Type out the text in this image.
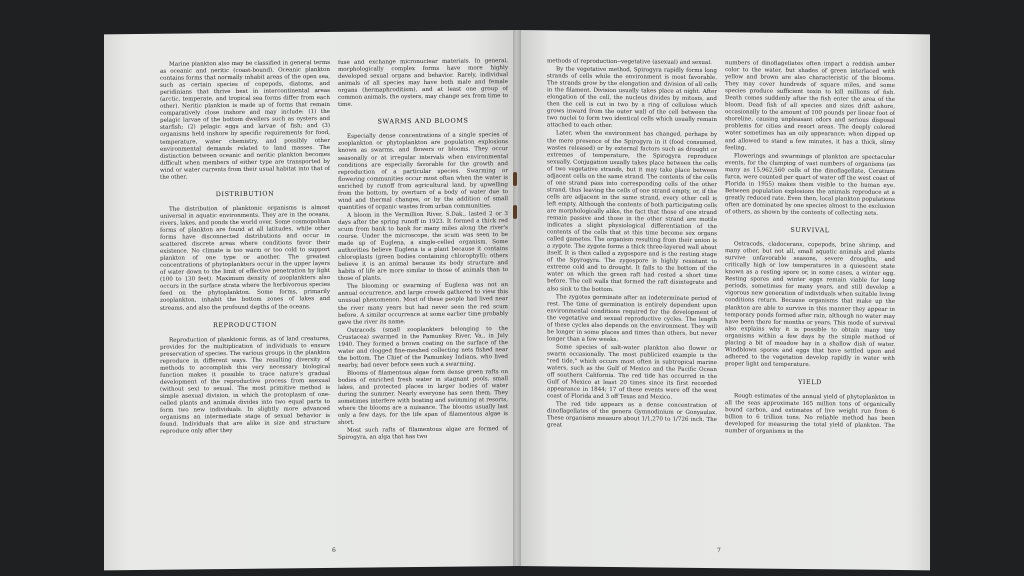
Marine plankton also may be classified in general terms as oceanic and neritic (coast-bound). Oceanic plankton contains forms that normally inhabit areas of the open sea, such as certain species of copepods, diatoms, and peridinians that thrive best in intercontinental areas (arctic, temperate, and tropical sea forms differ from each other). Neritic plankton is made up of forms that remain comparatively close inshore and may include: (1) the pelagic larvae of the bottom dwellers such as oysters and starfish; (2) pelagic eggs and larvae of fish; and (3) organisms held inshore by specific requirements for food, temperature, water chemistry, and possibly other environmental demands related to land masses. The distinction between oceanic and neritic plankton becomes difficult when members of either type are transported by wind or water currents from their usual habitat into that of the other.

DISTRIBUTION

The distribution of planktonic organisms is almost universal in aquatic environments. They are in the oceans, rivers, lakes, and ponds the world over. Some cosmopolitan forms of plankton are found at all latitudes, while other forms have disconnected distributions and occur in scattered discrete areas where conditions favor their existence. No climate is too warm or too cold to support plankton of one type or another. The greatest concentrations of phytoplankters occur in the upper layers of water down to the limit of effective penetration by light (100 to 130 feet). Maximum density of zooplankters also occurs in the surface strata where the herbivorous species feed on the phytoplankton. Some forms, primarily zooplankton, inhabit the bottom zones of lakes and streams, and also the profound depths of the oceans.

REPRODUCTION

Reproduction of planktonic forms, as of land creatures, provides for the multiplication of individuals to ensure preservation of species. The various groups in the plankton reproduce in different ways. The resulting diversity of methods to accomplish this very necessary biological function makes it possible to trace nature's gradual development of the reproductive process from asexual (without sex) to sexual. The most primitive method is simple asexual division, in which the protoplasm of one-celled plants and animals divides into two equal parts to form two new individuals. In slightly more advanced organisms an intermediate stage of sexual behavior is found. Individuals that are alike in size and structure reproduce only after they

fuse and exchange micronuclear materials. In general, morphologically complex forms have more highly developed sexual organs and behavior. Rarely, individual animals of all species may have both male and female organs (hermaphroditism), and at least one group of common animals, the oysters, may change sex from time to time.

SWARMS AND BLOOMS

Especially dense concentrations of a single species of zooplankton or phytoplankton are population explosions known as swarms, and flowers or blooms. They occur seasonally or at irregular intervals when environmental conditions are especially favorable for the growth and reproduction of a particular species. Swarming or flowering communities occur most often when the water is enriched by runoff from agricultural land, by upwelling from the bottom, by overturn of a body of water due to wind and thermal changes, or by the addition of small quantities of organic wastes from urban communities.

A bloom in the Vermillion River, S.Dak., lasted 2 or 3 days after the spring runoff in 1923. It formed a thick red scum from bank to bank for many miles along the river's course. Under the microscope, the scum was seen to be made up of Euglena, a single-celled organism. Some authorities believe Euglena is a plant because it contains chloroplasts (green bodies containing chlorophyll); others believe it is an animal because its body structure and habits of life are more similar to those of animals than to those of plants.

The blooming or swarming of Euglena was not an annual occurrence, and large crowds gathered to view this unusual phenomenon. Most of these people had lived near the river many years but had never seen the red scum before. A similar occurrence at some earlier time probably gave the river its name.

Ostracods (small zooplankters belonging to the Crustacea) swarmed in the Pamunkey River, Va., in July 1940. They formed a brown coating on the surface of the water and clogged fine-meshed collecting nets fished near the bottom. The Chief of the Pamunkey Indians, who lived nearby, had never before seen such a swarming.

Blooms of filamentous algae form dense green rafts on bodies of enriched fresh water in stagnant pools, small lakes, and protected places in larger bodies of water during the summer. Nearly everyone has seen them. They sometimes interfere with boating and swimming at resorts, where the blooms are a nuisance. The blooms usually last only a few days, for the life span of filamentous algae is short.

Most such rafts of filamentous algae are formed of Spirogyra, an alga that has two

6

methods of reproduction--vegetative (asexual) and sexual.

By the vegetative method, Spirogyra rapidly forms long strands of cells while the environment is most favorable. The strands grow by the elongation and division of all cells in the filament. Division usually takes place at night. After elongation of the cell, the nucleus divides by mitosis, and then the cell is cut in two by a ring of cellulose which grows inward from the outer wall of the cell between the two nuclei to form two identical cells which usually remain attached to each other.

Later, when the environment has changed, perhaps by the mere presence of the Spirogyra in it (food consumed, wastes released) or by external factors such as drought or extremes of temperature, the Spirogyra reproduce sexually. Conjugation usually takes place between the cells of two vegetative strands, but it may take place between adjacent cells on the same strand. The contents of the cells of one strand pass into corresponding cells of the other strand, thus leaving the cells of one strand empty, or, if the cells are adjacent in the same strand, every other cell is left empty. Although the contents of both participating cells are morphologically alike, the fact that those of one strand remain passive and those in the other strand are motile indicates a slight physiological differentiation of the contents of the cells that at this time become sex organs called gametes. The organism resulting from their union is a zygote. The zygote forms a thick three-layered wall about itself. It is then called a zygospore and is the resting stage of the Spyrogyra. The zygospore is highly resistant to extreme cold and to drought. It falls to the bottom of the water on which the green raft had rested a short time before. The cell walls that formed the raft disintegrate and also sink to the bottom.

The zygotes germinate after an indeterminate period of rest. The time of germination is entirely dependent upon environmental conditions required for the development of the vegetative and sexual reproductive cycles. The length of these cycles also depends on the environment. They will be longer in some places and times than others, but never longer than a few weeks.

Some species of salt-water plankton also flower or swarm occasionally. The most publicized example is the "red tide," which occurs most often in subtropical marine waters, such as the Gulf of Mexico and the Pacific Ocean off southern California. The red tide has occurred in the Gulf of Mexico at least 20 times since its first recorded appearance in 1844; 17 of these events were off the west coast of Florida and 3 off Texas and Mexico.

The red tide appears as a dense concentration of dinoflagellates of the genera Gymnodinium or Gonyaulax. These organisms measure about 1/1,270 to 1/726 inch. The great

numbers of dinoflagellates often impart a reddish amber color to the water, but shades of green interlaced with yellow and brown are also characteristic of the blooms. They may cover hundreds of square miles, and some species produce sufficient toxin to kill millions of fish. Death comes suddenly after the fish enter the area of the bloom. Dead fish of all species and sizes drift ashore, occasionally to the amount of 100 pounds per linear foot of shoreline, causing unpleasant odors and serious disposal problems for cities and resort areas. The deeply colored water sometimes has an oily appearance; when dipped up and allowed to stand a few minutes, it has a thick, slimy feeling.

Flowerings and swarmings of plankton are spectacular events, for the clumping of vast numbers of organisms (as many as 15,962,560 cells of the dinoflagellate, Ceratium furca, were counted per quart of water off the west coast of Florida in 1955) makes them visible to the human eye. Between population explosions the animals reproduce at a greatly reduced rate. Even then, local plankton populations often are dominated by one species almost to the exclusion of others, as shown by the contents of collecting nets.

SURVIVAL

Ostracods, cladocerans, copepods, brine shrimp, and many other, but not all, small aquatic animals and plants survive unfavorable seasons, severe droughts, and critically high or low temperatures in a quiescent state known as a resting spore or, in some cases, a winter egg. Resting spores and winter eggs remain viable for long periods, sometimes for many years, and still develop a vigorous new generation of individuals when suitable living conditions return. Because organisms that make up the plankton are able to survive in this manner they appear in temporary ponds formed after rain, although no water may have been there for months or years. This mode of survival also explains why it is possible to obtain many tiny organisms within a few days by the simple method of placing a bit of meadow hay in a shallow dish of water. Windblown spores and eggs that have settled upon and adhered to the vegetation develop rapidly in water with proper light and temperature.

YIELD

Rough estimates of the annual yield of phytoplankton in all the seas approximate 165 million tons of organically bound carbon, and estimates of live weight run from 6 billion to 6 trillion tons. No reliable method has been developed for measuring the total yield of plankton. The number of organisms in the

7
